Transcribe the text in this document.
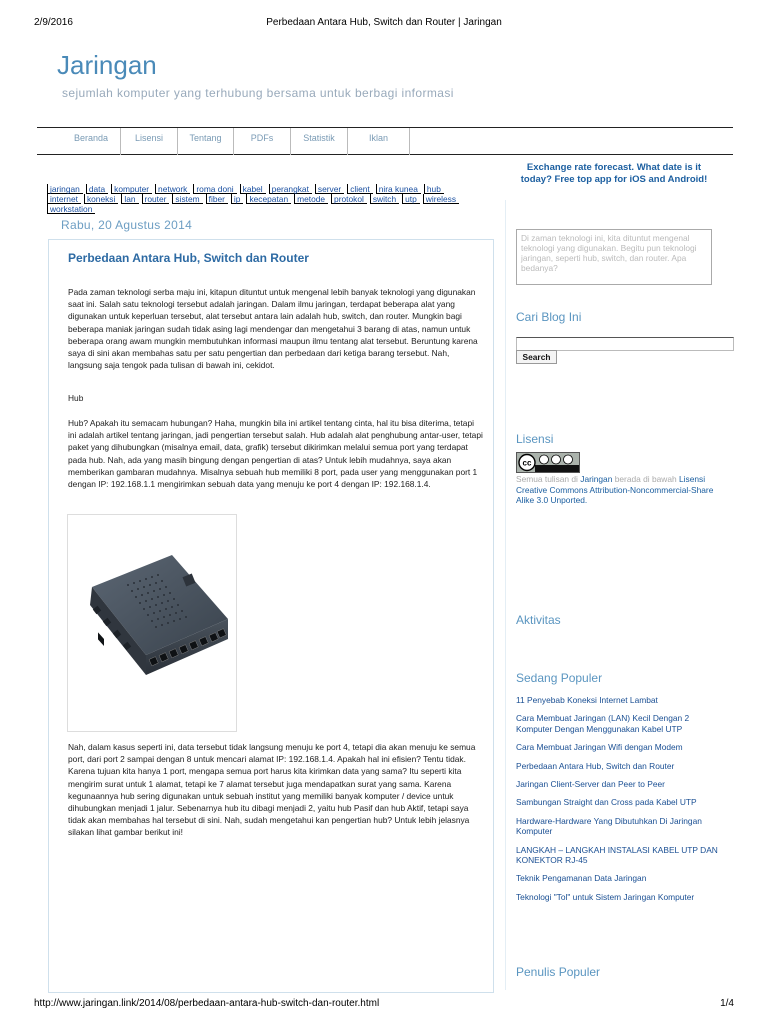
2/9/2016	Perbedaan Antara Hub, Switch dan Router | Jaringan
Jaringan
sejumlah komputer yang terhubung bersama untuk berbagi informasi
Beranda	Lisensi	Tentang	PDFs	Statistik	Iklan
jaringan data komputer network roma doni kabel perangkat server client nira kunea hub
internet koneksi lan router sistem fiber ip kecepatan metode protokol switch utp wireless
workstation
Rabu, 20 Agustus 2014
Perbedaan Antara Hub, Switch dan Router
Pada zaman teknologi serba maju ini, kitapun dituntut untuk mengenal lebih banyak teknologi yang digunakan saat ini. Salah satu teknologi tersebut adalah jaringan. Dalam ilmu jaringan, terdapat beberapa alat yang digunakan untuk keperluan tersebut, alat tersebut antara lain adalah hub, switch, dan router. Mungkin bagi beberapa maniak jaringan sudah tidak asing lagi mendengar dan mengetahui 3 barang di atas, namun untuk beberapa orang awam mungkin membutuhkan informasi maupun ilmu tentang alat tersebut. Beruntung karena saya di sini akan membahas satu per satu pengertian dan perbedaan dari ketiga barang tersebut. Nah, langsung saja tengok pada tulisan di bawah ini, cekidot.
Hub
Hub? Apakah itu semacam hubungan? Haha, mungkin bila ini artikel tentang cinta, hal itu bisa diterima, tetapi ini adalah artikel tentang jaringan, jadi pengertian tersebut salah. Hub adalah alat penghubung antar-user, tetapi paket yang dihubungkan (misalnya email, data, grafik) tersebut dikirimkan melalui semua port yang terdapat pada hub. Nah, ada yang masih bingung dengan pengertian di atas? Untuk lebih mudahnya, saya akan memberikan gambaran mudahnya. Misalnya sebuah hub memiliki 8 port, pada user yang menggunakan port 1 dengan IP: 192.168.1.1 mengirimkan sebuah data yang menuju ke port 4 dengan IP: 192.168.1.4.
Nah, dalam kasus seperti ini, data tersebut tidak langsung menuju ke port 4, tetapi dia akan menuju ke semua port, dari port 2 sampai dengan 8 untuk mencari alamat IP: 192.168.1.4. Apakah hal ini efisien? Tentu tidak. Karena tujuan kita hanya 1 port, mengapa semua port harus kita kirimkan data yang sama? Itu seperti kita mengirim surat untuk 1 alamat, tetapi ke 7 alamat tersebut juga mendapatkan surat yang sama. Karena kegunaannya hub sering digunakan untuk sebuah institut yang memiliki banyak komputer / device untuk dihubungkan menjadi 1 jalur. Sebenarnya hub itu dibagi menjadi 2, yaitu hub Pasif dan hub Aktif, tetapi saya tidak akan membahas hal tersebut di sini. Nah, sudah mengetahui kan pengertian hub? Untuk lebih jelasnya silakan lihat gambar berikut ini!
Exchange rate forecast. What date is it today? Free top app for iOS and Android!
Di zaman teknologi ini, kita dituntut mengenal teknologi yang digunakan. Begitu pun teknologi jaringan, seperti hub, switch, dan router. Apa bedanya?
Cari Blog Ini
Search
Lisensi
cc
Semua tulisan di Jaringan berada di bawah Lisensi Creative Commons Attribution-Noncommercial-Share Alike 3.0 Unported.
Aktivitas
Sedang Populer
11 Penyebab Koneksi Internet Lambat
Cara Membuat Jaringan (LAN) Kecil Dengan 2 Komputer Dengan Menggunakan Kabel UTP
Cara Membuat Jaringan Wifi dengan Modem
Perbedaan Antara Hub, Switch dan Router
Jaringan Client-Server dan Peer to Peer
Sambungan Straight dan Cross pada Kabel UTP
Hardware-Hardware Yang Dibutuhkan Di Jaringan Komputer
LANGKAH – LANGKAH INSTALASI KABEL UTP DAN KONEKTOR RJ-45
Teknik Pengamanan Data Jaringan
Teknologi "Tol" untuk Sistem Jaringan Komputer
Penulis Populer
http://www.jaringan.link/2014/08/perbedaan-antara-hub-switch-dan-router.html	1/4
